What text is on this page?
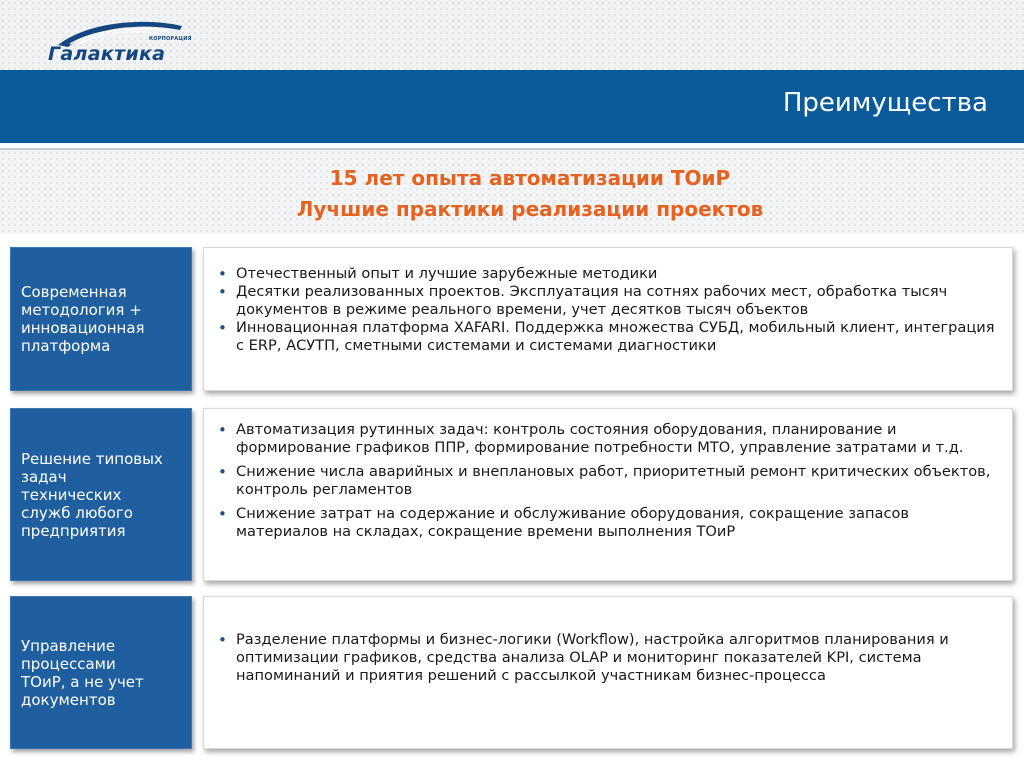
КОРПОРАЦИЯ
Галактика
Преимущества
15 лет опыта автоматизации ТОиР
Лучшие практики реализации проектов
Современная
методология +
инновационная
платформа
• Отечественный опыт и лучшие зарубежные методики
• Десятки реализованных проектов. Эксплуатация на сотнях рабочих мест, обработка тысяч документов в режиме реального времени, учет десятков тысяч объектов
• Инновационная платформа XAFARI. Поддержка множества СУБД, мобильный клиент, интеграция с ERP, АСУТП, сметными системами и системами диагностики
Решение типовых
задач
технических
служб любого
предприятия
• Автоматизация рутинных задач: контроль состояния оборудования, планирование и формирование графиков ППР, формирование потребности МТО, управление затратами и т.д.
• Снижение числа аварийных и внеплановых работ, приоритетный ремонт критических объектов, контроль регламентов
• Снижение затрат на содержание и обслуживание оборудования, сокращение запасов материалов на складах, сокращение времени выполнения ТОиР
Управление
процессами
ТОиР, а не учет
документов
• Разделение платформы и бизнес-логики (Workflow), настройка алгоритмов планирования и оптимизации графиков, средства анализа OLAP и мониторинг показателей KPI, система напоминаний и приятия решений с рассылкой участникам бизнес-процесса
